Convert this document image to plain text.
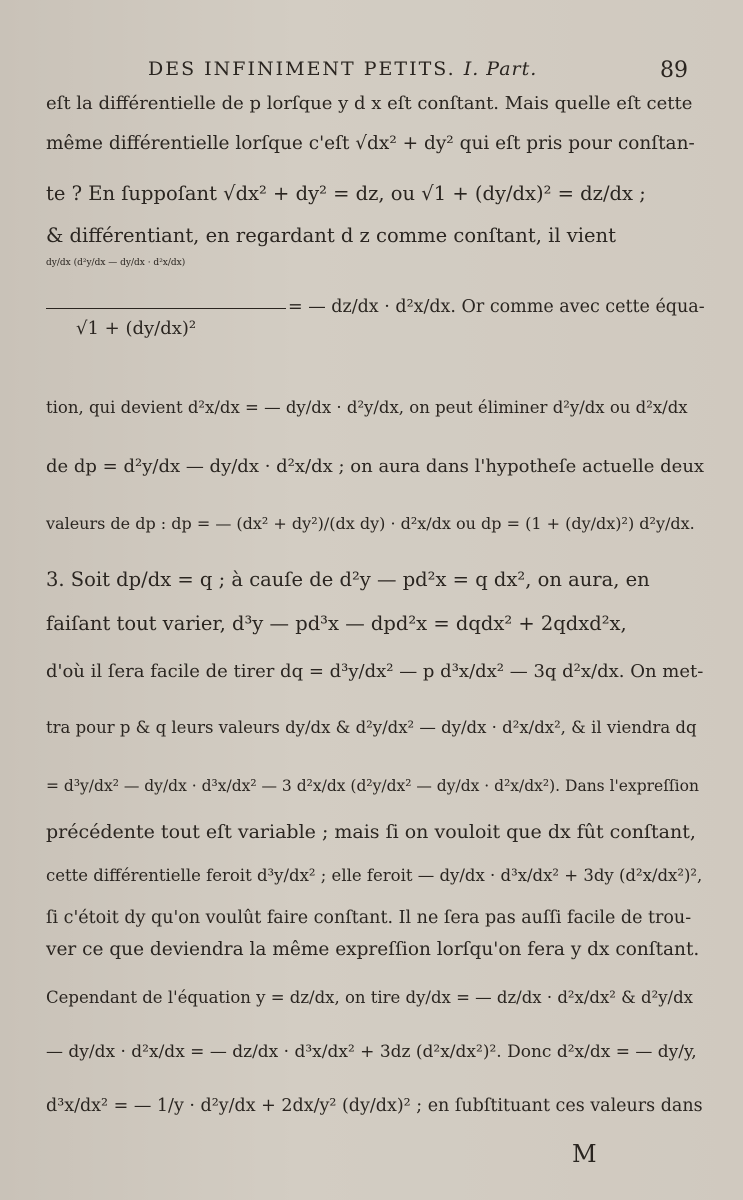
DES INFINIMENT PETITS. I. Part.	89
eſt la différentielle de p lorſque y d x eſt conſtant. Mais quelle eſt cette
même différentielle lorſque c'eſt √dx² + dy² qui eſt pris pour conſtan-
te ? En ſuppoſant √dx² + dy² = dz, ou √1 + (dy/dx)² = dz/dx ;
& différentiant, en regardant d z comme conſtant, il vient
dy/dx (d²y/dx — dy/dx · d²x/dx)
√1 + (dy/dx)²
= — dz/dx · d²x/dx. Or comme avec cette équa-
tion, qui devient d²x/dx = — dy/dx · d²y/dx, on peut éliminer d²y/dx ou d²x/dx
de dp = d²y/dx — dy/dx · d²x/dx ; on aura dans l'hypotheſe actuelle deux
valeurs de dp : dp = — (dx² + dy²)/(dx dy) · d²x/dx ou dp = (1 + (dy/dx)²) d²y/dx.
3. Soit dp/dx = q ; à cauſe de d²y — pd²x = q dx², on aura, en
faiſant tout varier, d³y — pd³x — dpd²x = dqdx² + 2qdxd²x,
d'où il ſera facile de tirer dq = d³y/dx² — p d³x/dx² — 3q d²x/dx. On met-
tra pour p & q leurs valeurs dy/dx & d²y/dx² — dy/dx · d²x/dx², & il viendra dq
= d³y/dx² — dy/dx · d³x/dx² — 3 d²x/dx (d²y/dx² — dy/dx · d²x/dx²). Dans l'expreſſion
précédente tout eſt variable ; mais ſi on vouloit que dx fût conſtant,
cette différentielle feroit d³y/dx² ; elle feroit — dy/dx · d³x/dx² + 3dy (d²x/dx²)²,
ſi c'étoit dy qu'on voulût faire conſtant. Il ne ſera pas auſſi facile de trou-
ver ce que deviendra la même expreſſion lorſqu'on fera y dx conſtant.
Cependant de l'équation y = dz/dx, on tire dy/dx = — dz/dx · d²x/dx² & d²y/dx
— dy/dx · d²x/dx = — dz/dx · d³x/dx² + 3dz (d²x/dx²)². Donc d²x/dx = — dy/y,
d³x/dx² = — 1/y · d²y/dx + 2dx/y² (dy/dx)² ; en ſubſtituant ces valeurs dans
M
